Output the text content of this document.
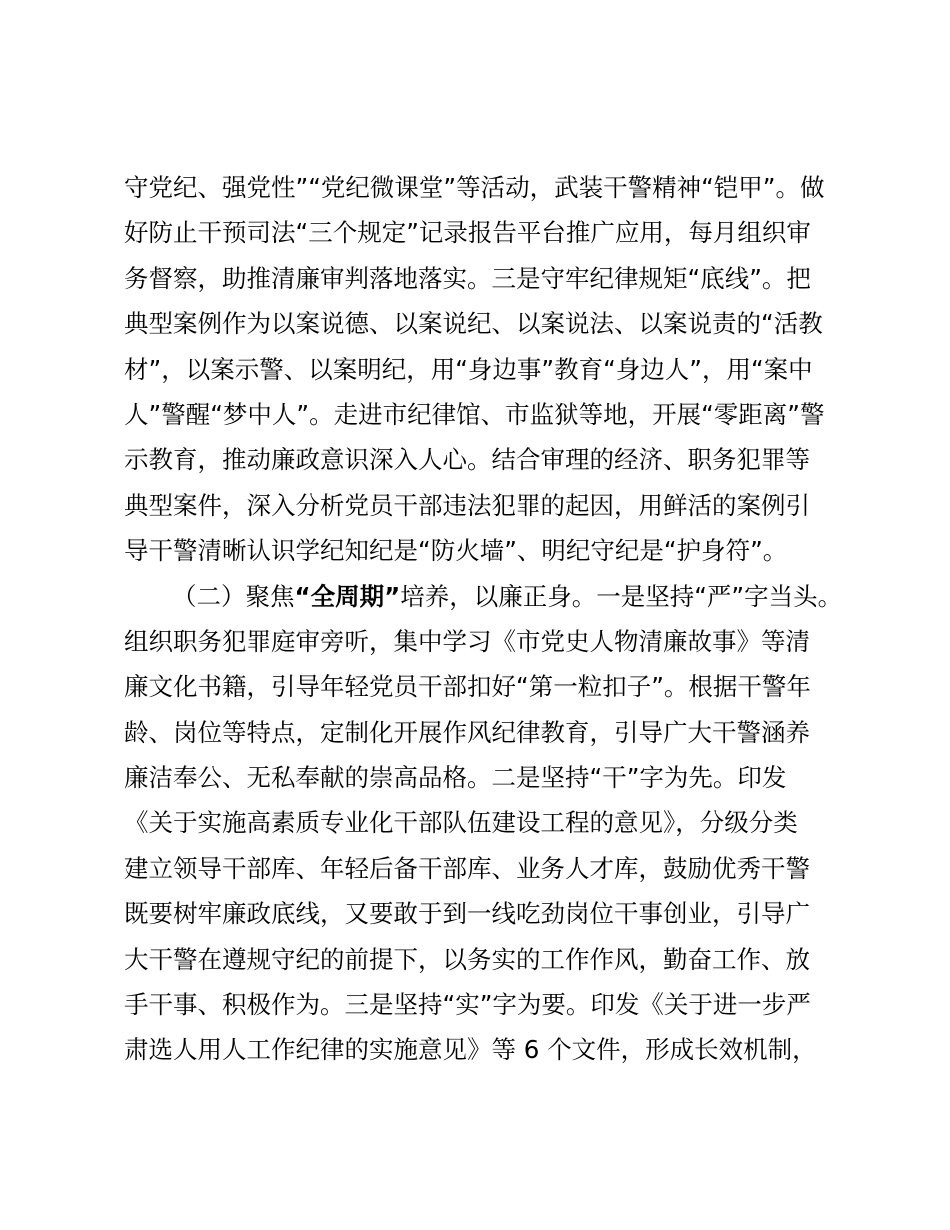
守党纪、强党性”“党纪微课堂”等活动，武装干警精神“铠甲”。做
好防止干预司法“三个规定”记录报告平台推广应用，每月组织审
务督察，助推清廉审判落地落实。三是守牢纪律规矩“底线”。把
典型案例作为以案说德、以案说纪、以案说法、以案说责的“活教
材”，以案示警、以案明纪，用“身边事”教育“身边人”，用“案中
人”警醒“梦中人”。走进市纪律馆、市监狱等地，开展“零距离”警
示教育，推动廉政意识深入人心。结合审理的经济、职务犯罪等
典型案件，深入分析党员干部违法犯罪的起因，用鲜活的案例引
导干警清晰认识学纪知纪是“防火墙”、明纪守纪是“护身符”。
（二）聚焦“全周期”培养，以廉正身。一是坚持“严”字当头。
组织职务犯罪庭审旁听，集中学习《市党史人物清廉故事》等清
廉文化书籍，引导年轻党员干部扣好“第一粒扣子”。根据干警年
龄、岗位等特点，定制化开展作风纪律教育，引导广大干警涵养
廉洁奉公、无私奉献的崇高品格。二是坚持“干”字为先。印发
《关于实施高素质专业化干部队伍建设工程的意见》，分级分类
建立领导干部库、年轻后备干部库、业务人才库，鼓励优秀干警
既要树牢廉政底线，又要敢于到一线吃劲岗位干事创业，引导广
大干警在遵规守纪的前提下，以务实的工作作风，勤奋工作、放
手干事、积极作为。三是坚持“实”字为要。印发《关于进一步严
肃选人用人工作纪律的实施意见》等 6 个文件，形成长效机制，
